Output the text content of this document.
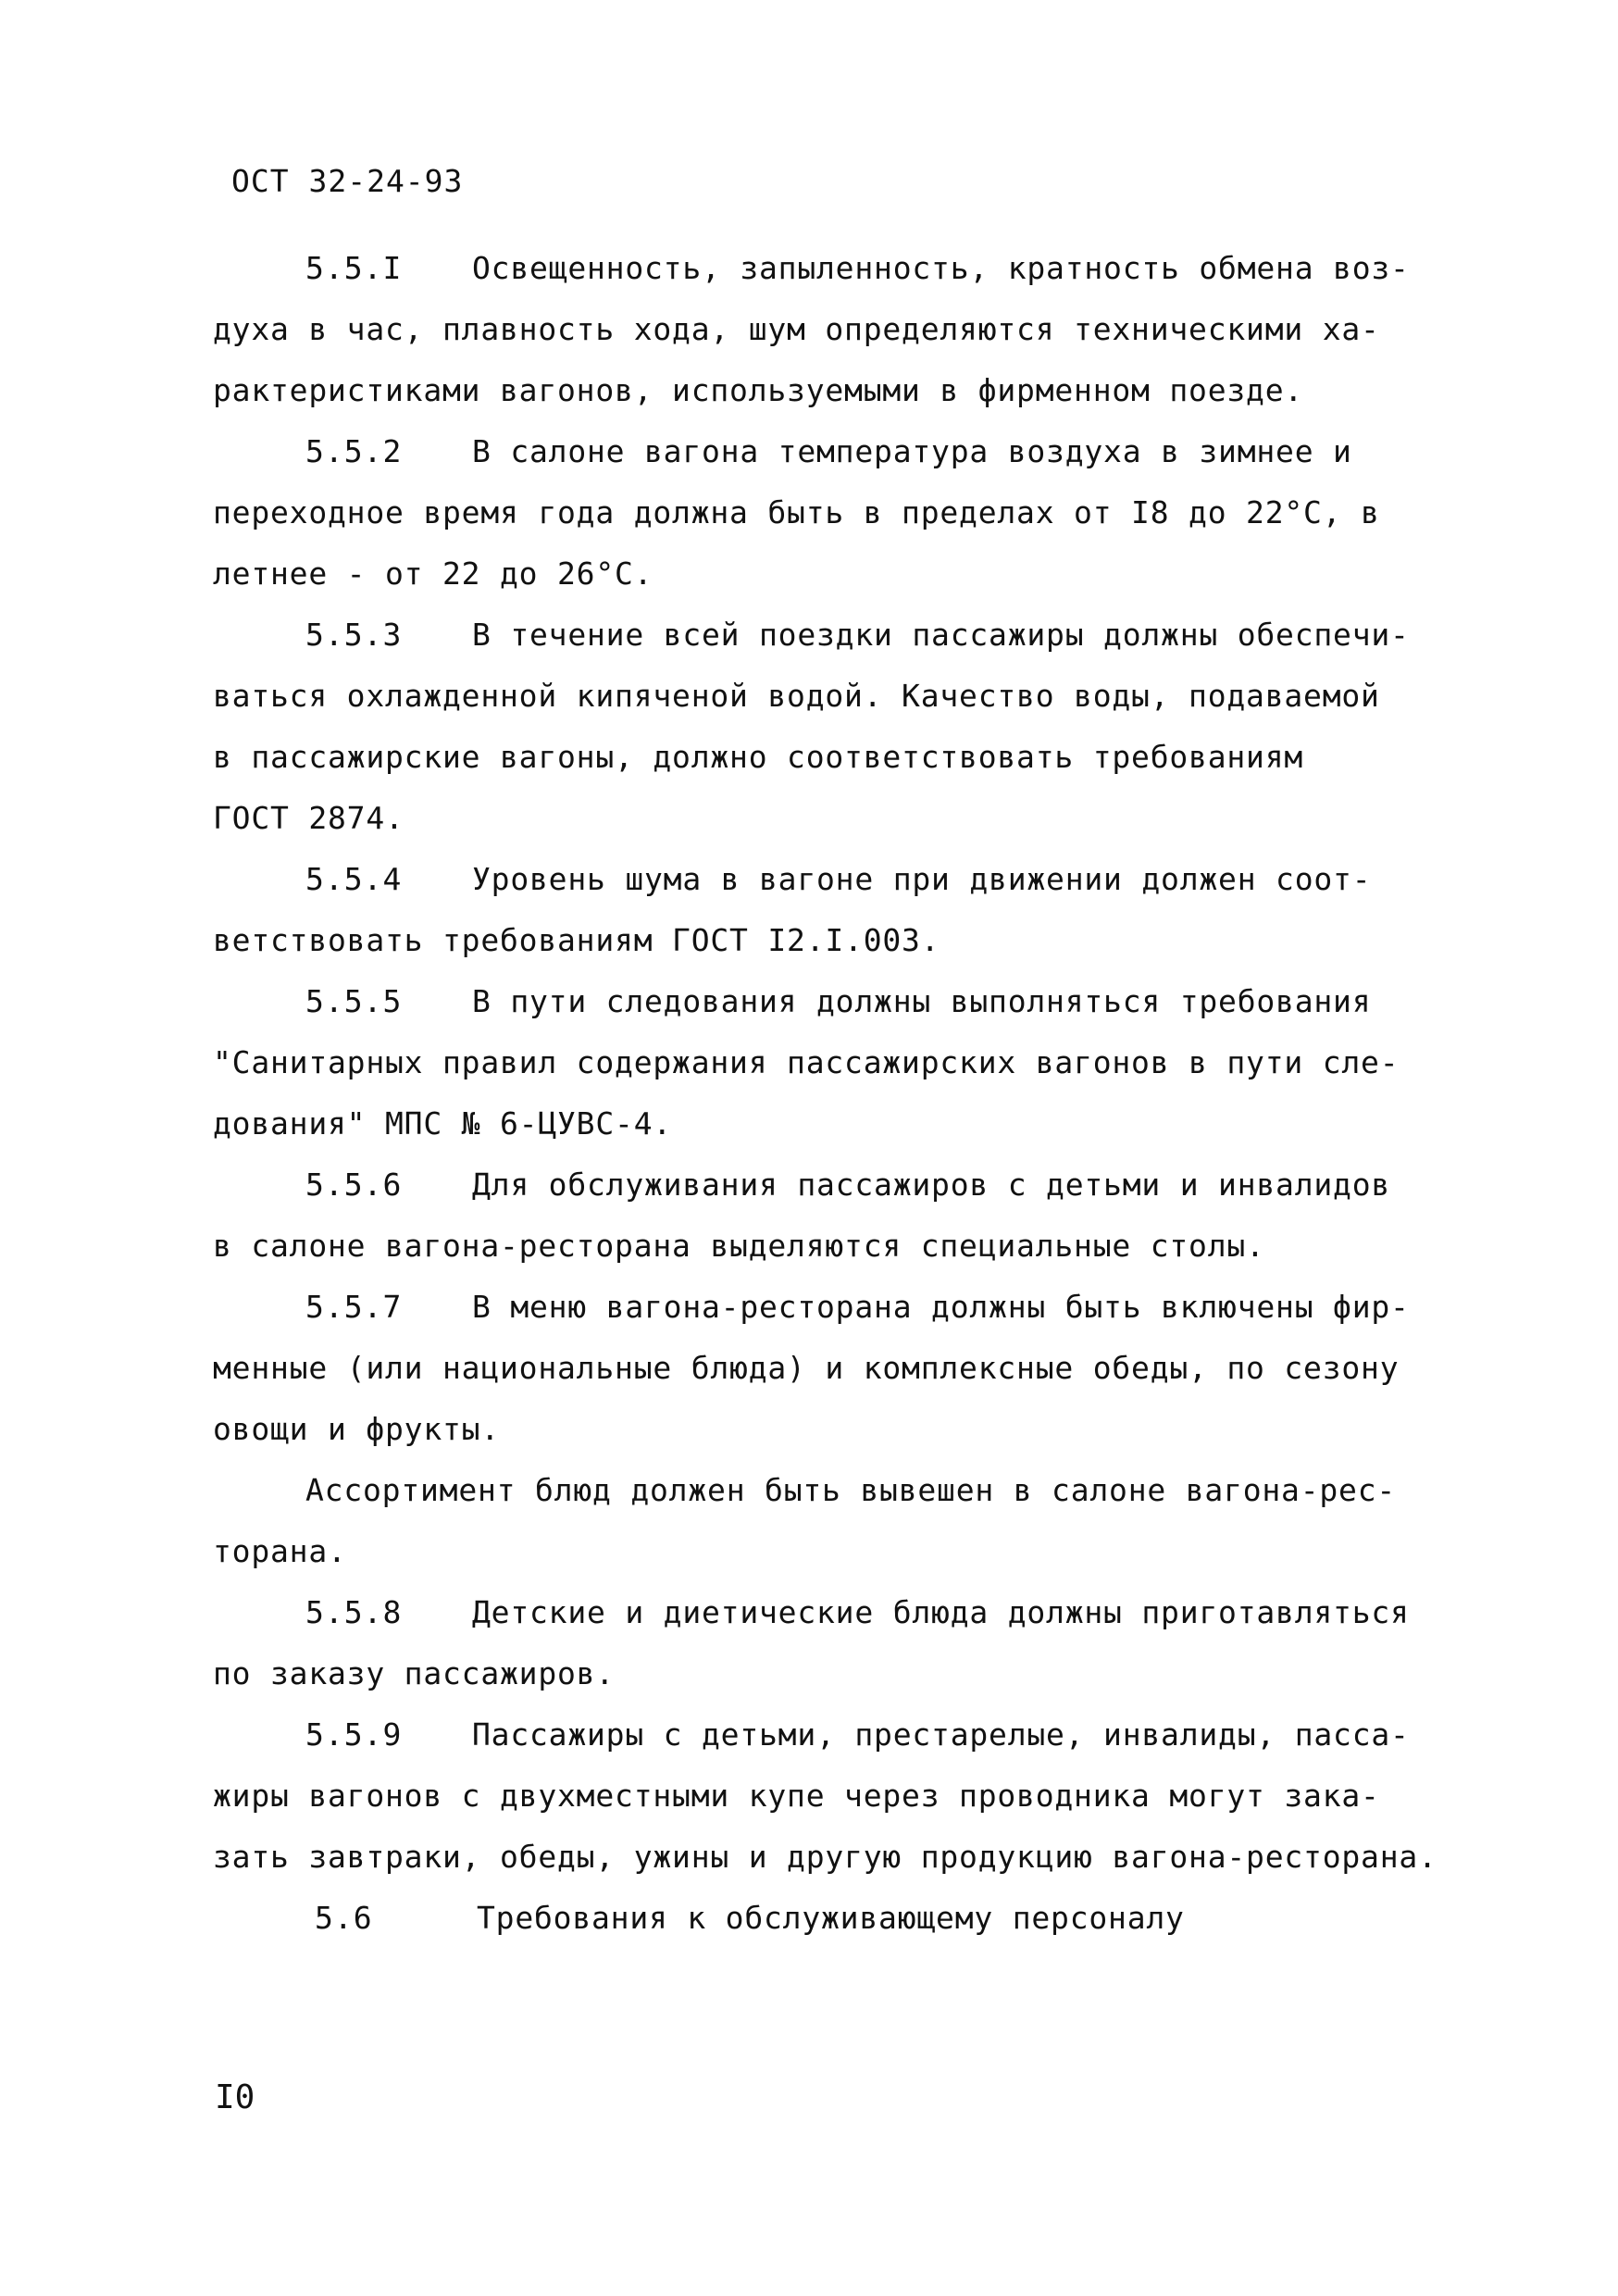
ОСТ 32-24-93
5.5.I Освещенность, запыленность, кратность обмена воз-
духа в час, плавность хода, шум определяются техническими ха-
рактеристиками вагонов, используемыми в фирменном поезде.
5.5.2 В салоне вагона температура воздуха в зимнее и
переходное время года должна быть в пределах от I8 до 22°С, в
летнее - от 22 до 26°С.
5.5.3 В течение всей поездки пассажиры должны обеспечи-
ваться охлажденной кипяченой водой. Качество воды, подаваемой
в пассажирские вагоны, должно соответствовать требованиям
ГОСТ 2874.
5.5.4 Уровень шума в вагоне при движении должен соот-
ветствовать требованиям ГОСТ I2.I.003.
5.5.5 В пути следования должны выполняться требования
"Санитарных правил содержания пассажирских вагонов в пути сле-
дования" МПС № 6-ЦУВС-4.
5.5.6 Для обслуживания пассажиров с детьми и инвалидов
в салоне вагона-ресторана выделяются специальные столы.
5.5.7 В меню вагона-ресторана должны быть включены фир-
менные (или национальные блюда) и комплексные обеды, по сезону
овощи и фрукты.
Ассортимент блюд должен быть вывешен в салоне вагона-рес-
торана.
5.5.8 Детские и диетические блюда должны приготавляться
по заказу пассажиров.
5.5.9 Пассажиры с детьми, престарелые, инвалиды, пасса-
жиры вагонов с двухместными купе через проводника могут зака-
зать завтраки, обеды, ужины и другую продукцию вагона-ресторана.
5.6	Требования к обслуживающему персоналу
I0
